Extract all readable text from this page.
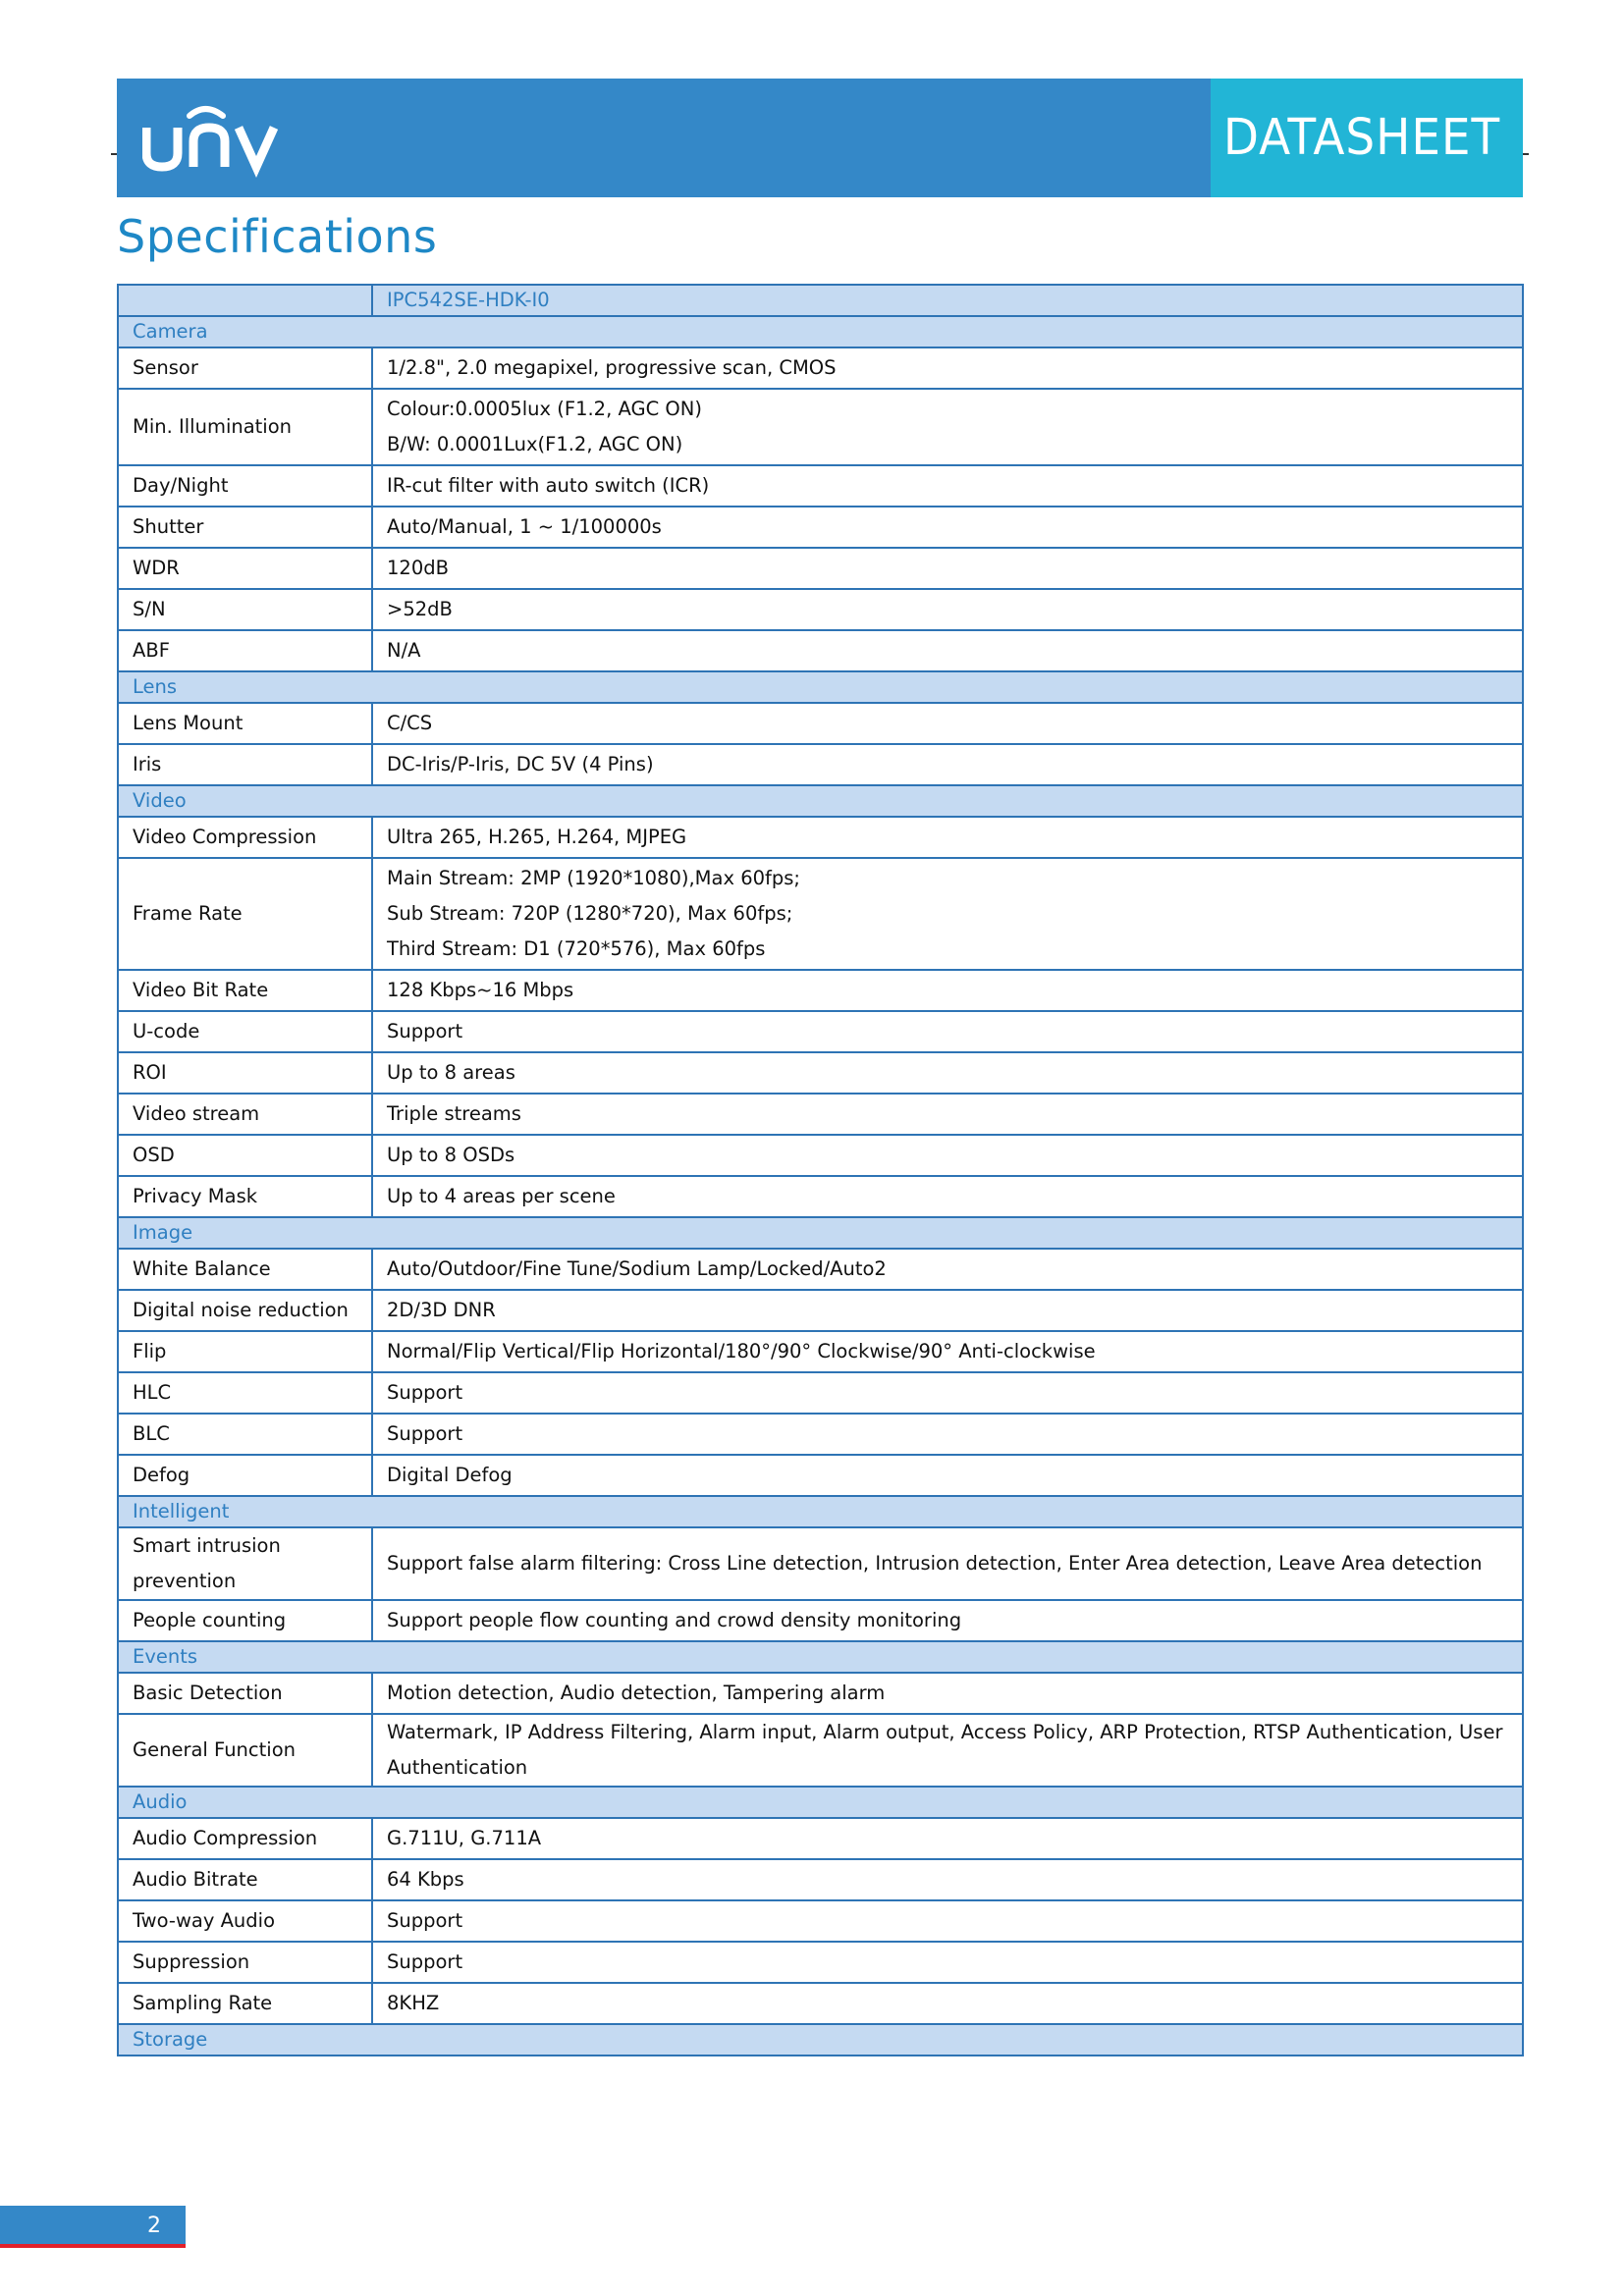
DATASHEET
Specifications
	IPC542SE-HDK-I0
Camera	
Sensor	1/2.8", 2.0 megapixel, progressive scan, CMOS

Min. Illumination	Colour:0.0005lux (F1.2, AGC ON)
B/W: 0.0001Lux(F1.2, AGC ON)

Day/Night	IR-cut filter with auto switch (ICR)

Shutter	Auto/Manual, 1 ~ 1/100000s

WDR	120dB

S/N	>52dB

ABF	N/A

Lens	
Lens Mount	C/CS

Iris	DC-Iris/P-Iris, DC 5V (4 Pins)

Video	
Video Compression	Ultra 265, H.265, H.264, MJPEG

Frame Rate	Main Stream: 2MP (1920*1080),Max 60fps;
Sub Stream: 720P (1280*720), Max 60fps;
Third Stream: D1 (720*576), Max 60fps

Video Bit Rate	128 Kbps~16 Mbps

U-code	Support

ROI	Up to 8 areas

Video stream	Triple streams

OSD	Up to 8 OSDs

Privacy Mask	Up to 4 areas per scene

Image	
White Balance	Auto/Outdoor/Fine Tune/Sodium Lamp/Locked/Auto2

Digital noise reduction	2D/3D DNR

Flip	Normal/Flip Vertical/Flip Horizontal/180°/90° Clockwise/90° Anti-clockwise

HLC	Support

BLC	Support

Defog	Digital Defog

Intelligent	
Smart intrusion prevention	Support false alarm filtering: Cross Line detection, Intrusion detection, Enter Area detection, Leave Area detection

People counting	Support people flow counting and crowd density monitoring

Events	
Basic Detection	Motion detection, Audio detection, Tampering alarm

General Function	Watermark, IP Address Filtering, Alarm input, Alarm output, Access Policy, ARP Protection, RTSP Authentication, User Authentication

Audio	
Audio Compression	G.711U, G.711A

Audio Bitrate	64 Kbps

Two-way Audio	Support

Suppression	Support

Sampling Rate	8KHZ

Storage	
2
